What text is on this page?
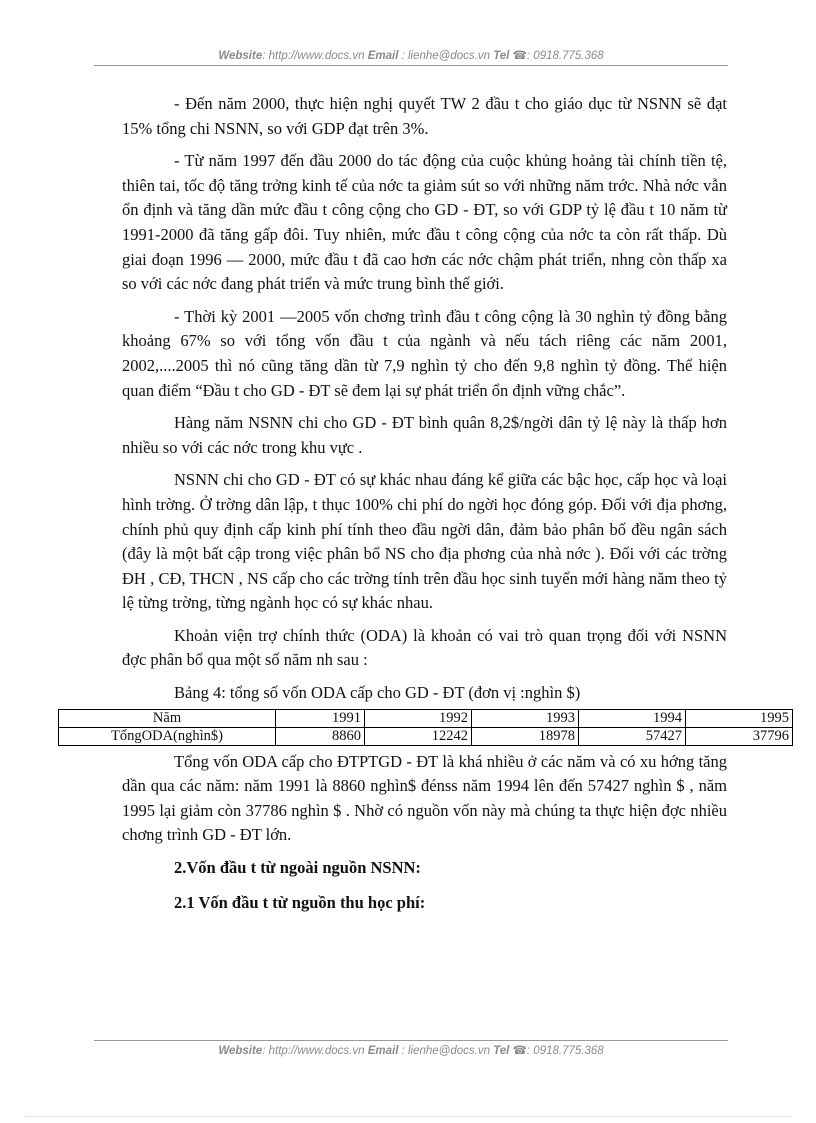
Website: http://www.docs.vn Email : lienhe@docs.vn Tel ☎: 0918.775.368

- Đến năm 2000, thực hiện nghị quyết TW 2 đầu t cho giáo dục từ NSNN sẽ đạt 15% tổng chi NSNN, so với GDP đạt trên 3%.

- Từ năm 1997 đến đầu 2000 do tác động của cuộc khủng hoảng tài chính tiền tệ, thiên tai, tốc độ tăng trởng kinh tế của nớc ta giảm sút so với những năm trớc. Nhà nớc vẫn ổn định và tăng dần mức đầu t công cộng cho GD - ĐT, so với GDP tỷ lệ đầu t 10 năm từ 1991-2000 đã tăng gấp đôi. Tuy nhiên, mức đầu t công cộng của nớc ta còn rất thấp. Dù giai đoạn 1996 — 2000, mức đầu t đã cao hơn các nớc chậm phát triển, nhng còn thấp xa so với các nớc đang phát triển và mức trung bình thế giới.

- Thời kỳ 2001 —2005 vốn chơng trình đầu t công cộng là 30 nghìn tỷ đồng bằng khoảng 67% so với tổng vốn đầu t của ngành và nếu tách riêng các năm 2001, 2002,....2005 thì nó cũng tăng dần từ 7,9 nghìn tỷ cho đến 9,8 nghìn tỷ đồng. Thể hiện quan điểm “Đầu t cho GD - ĐT sẽ đem lại sự phát triển ổn định vững chắc”.

Hàng năm NSNN chi cho GD - ĐT bình quân 8,2$/ngời dân tỷ lệ này là thấp hơn nhiều so với các nớc trong khu vực .

NSNN chi cho GD - ĐT có sự khác nhau đáng kể giữa các bậc học, cấp học và loại hình trờng. Ở trờng dân lập, t thục 100% chi phí do ngời học đóng góp. Đối với địa phơng, chính phủ quy định cấp kinh phí tính theo đầu ngời dân, đảm bảo phân bố đều ngân sách (đây là một bất cập trong việc phân bổ NS cho địa phơng của nhà nớc ). Đối với các trờng ĐH , CĐ, THCN , NS cấp cho các trờng tính trên đầu học sinh tuyển mới hàng năm theo tỷ lệ từng trờng, từng ngành học có sự khác nhau.

Khoản viện trợ chính thức (ODA) là khoản có vai trò quan trọng đối với NSNN đợc phân bổ qua một số năm nh sau :

Bảng 4: tổng số vốn ODA cấp cho GD - ĐT (đơn vị :nghìn $)

Năm	1991	1992	1993	1994	1995
TổngODA(nghìn$)	8860	12242	18978	57427	37796

Tổng vốn ODA cấp cho ĐTPTGD - ĐT là khá nhiều ở các năm và có xu hớng tăng dần qua các năm: năm 1991 là 8860 nghìn$ đénss năm 1994 lên đến 57427 nghìn $ , năm 1995 lại giảm còn 37786 nghìn $ . Nhờ có nguồn vốn này mà chúng ta thực hiện đợc nhiều chơng trình GD - ĐT lớn.

2.Vốn đầu t từ ngoài nguồn NSNN:

2.1 Vốn đầu t từ nguồn thu học phí:

Website: http://www.docs.vn Email : lienhe@docs.vn Tel ☎: 0918.775.368
